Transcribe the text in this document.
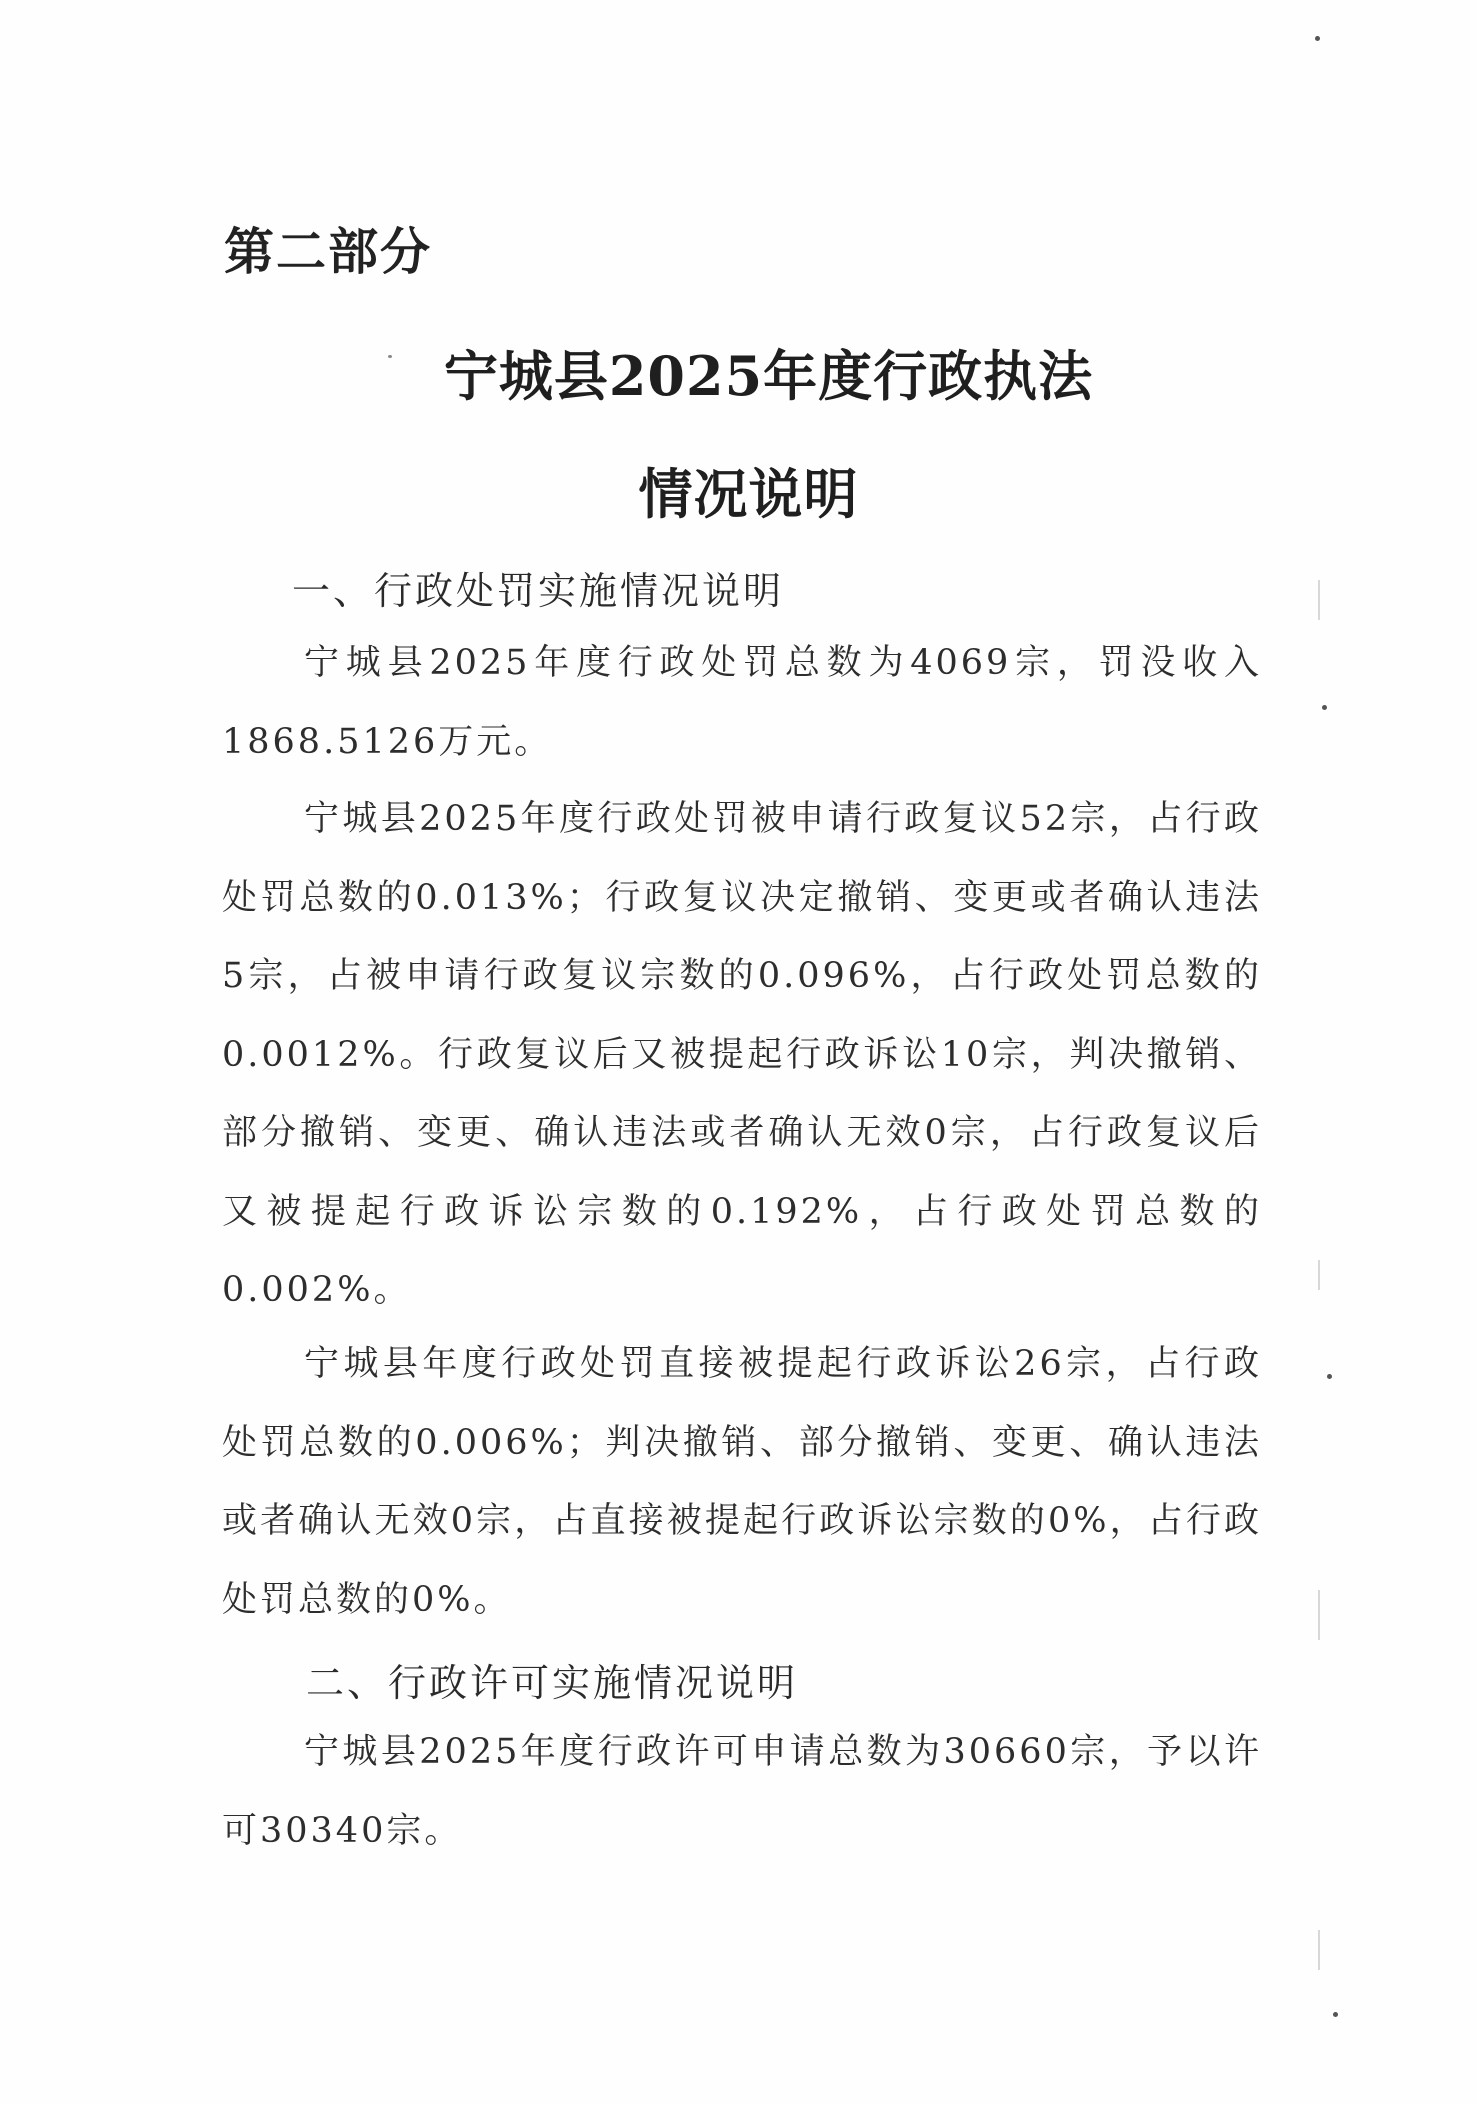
第二部分
宁城县2025年度行政执法
情况说明
一、行政处罚实施情况说明

宁城县2025年度行政处罚总数为4069宗，罚没收入1868.5126万元。

宁城县2025年度行政处罚被申请行政复议52宗，占行政处罚总数的0.013%；行政复议决定撤销、变更或者确认违法5宗，占被申请行政复议宗数的0.096%，占行政处罚总数的0.0012%。行政复议后又被提起行政诉讼10宗，判决撤销、部分撤销、变更、确认违法或者确认无效0宗，占行政复议后又被提起行政诉讼宗数的0.192%，占行政处罚总数的0.002%。

宁城县年度行政处罚直接被提起行政诉讼26宗，占行政处罚总数的0.006%；判决撤销、部分撤销、变更、确认违法或者确认无效0宗，占直接被提起行政诉讼宗数的0%，占行政处罚总数的0%。

二、行政许可实施情况说明

宁城县2025年度行政许可申请总数为30660宗，予以许可30340宗。
